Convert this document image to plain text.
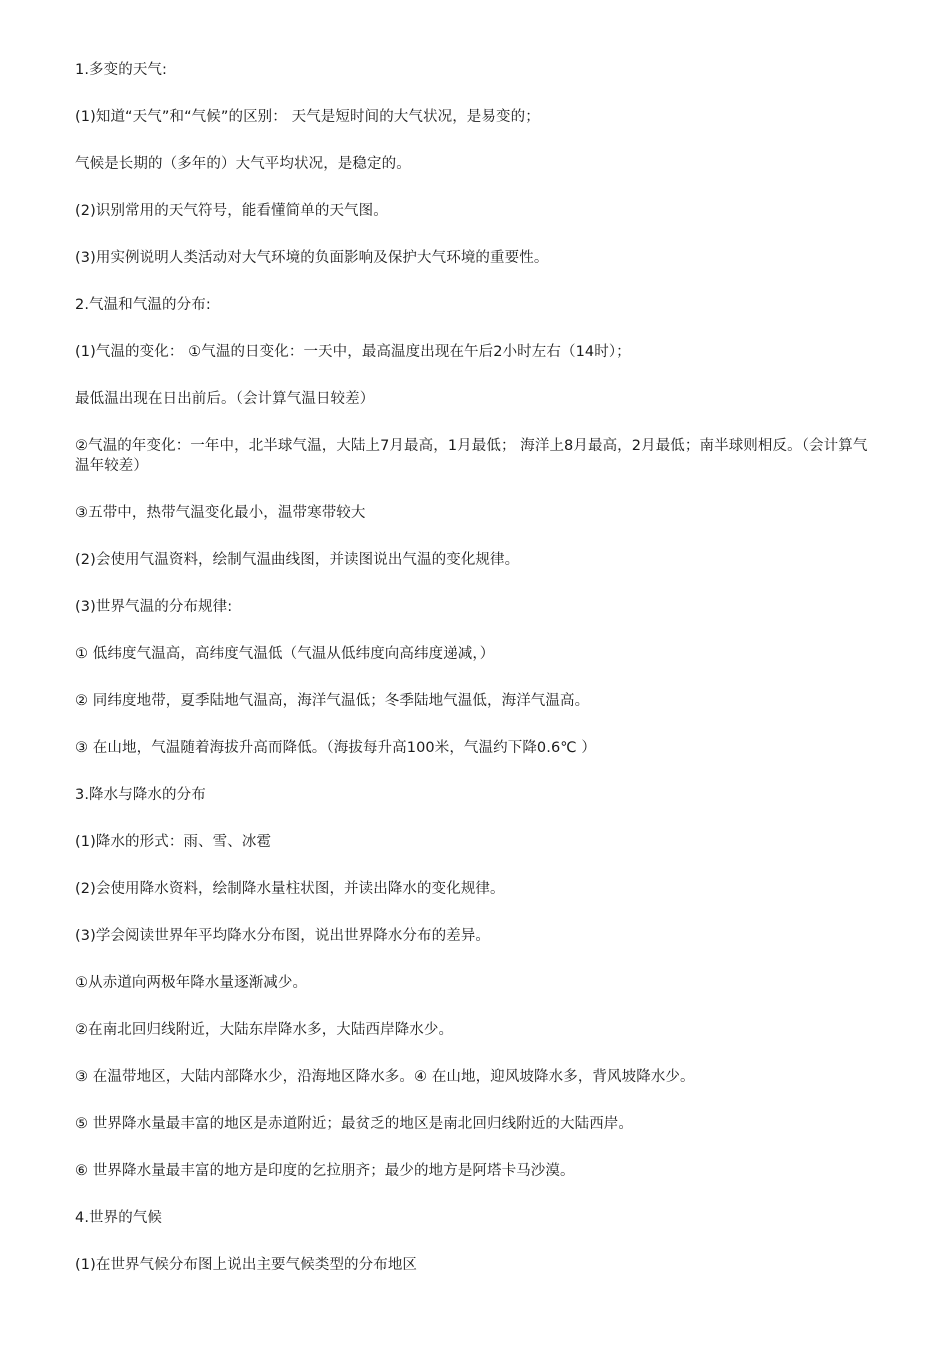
1.多变的天气:
(1)知道“天气”和“气候”的区别： 天气是短时间的大气状况，是易变的；
气候是长期的（多年的）大气平均状况，是稳定的。
(2)识别常用的天气符号，能看懂简单的天气图。
(3)用实例说明人类活动对大气环境的负面影响及保护大气环境的重要性。
2.气温和气温的分布:
(1)气温的变化： ①气温的日变化：一天中，最高温度出现在午后2小时左右（14时）；
最低温出现在日出前后。（会计算气温日较差）
②气温的年变化：一年中，北半球气温，大陆上7月最高，1月最低； 海洋上8月最高，2月最低；南半球则相反。（会计算气温年较差）
③五带中，热带气温变化最小，温带寒带较大
(2)会使用气温资料，绘制气温曲线图，并读图说出气温的变化规律。
(3)世界气温的分布规律:
① 低纬度气温高，高纬度气温低（气温从低纬度向高纬度递减，）
② 同纬度地带，夏季陆地气温高，海洋气温低；冬季陆地气温低，海洋气温高。
③ 在山地，气温随着海拔升高而降低。（海拔每升高100米，气温约下降0.6℃ ）
3.降水与降水的分布
(1)降水的形式：雨、雪、冰雹
(2)会使用降水资料，绘制降水量柱状图，并读出降水的变化规律。
(3)学会阅读世界年平均降水分布图，说出世界降水分布的差异。
①从赤道向两极年降水量逐渐减少。
②在南北回归线附近，大陆东岸降水多，大陆西岸降水少。
③ 在温带地区，大陆内部降水少，沿海地区降水多。④ 在山地，迎风坡降水多，背风坡降水少。
⑤ 世界降水量最丰富的地区是赤道附近；最贫乏的地区是南北回归线附近的大陆西岸。
⑥ 世界降水量最丰富的地方是印度的乞拉朋齐；最少的地方是阿塔卡马沙漠。
4.世界的气候
(1)在世界气候分布图上说出主要气候类型的分布地区
